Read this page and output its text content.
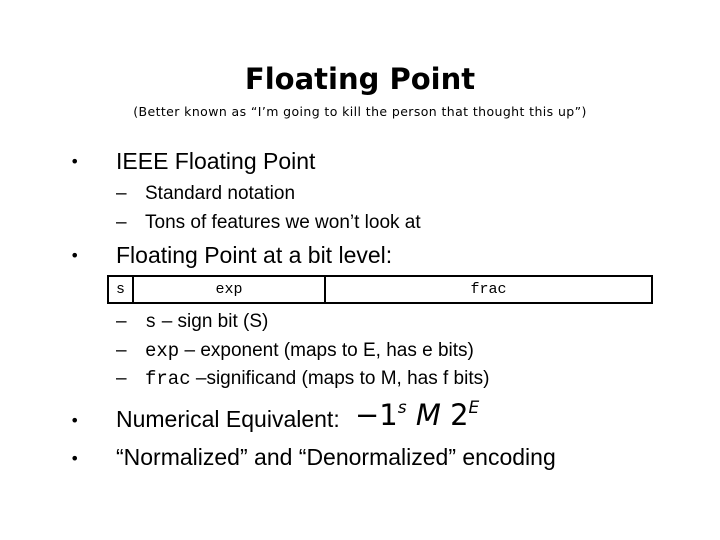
Floating Point
(Better known as “I’m going to kill the person that thought this up”)
• IEEE Floating Point
– Standard notation
– Tons of features we won’t look at
• Floating Point at a bit level:
s	exp	frac
– s – sign bit (S)
– exp – exponent (maps to E, has e bits)
– frac –significand (maps to M, has f bits)
• Numerical Equivalent: $-1^s$ M $2^E$
• “Normalized” and “Denormalized” encoding
